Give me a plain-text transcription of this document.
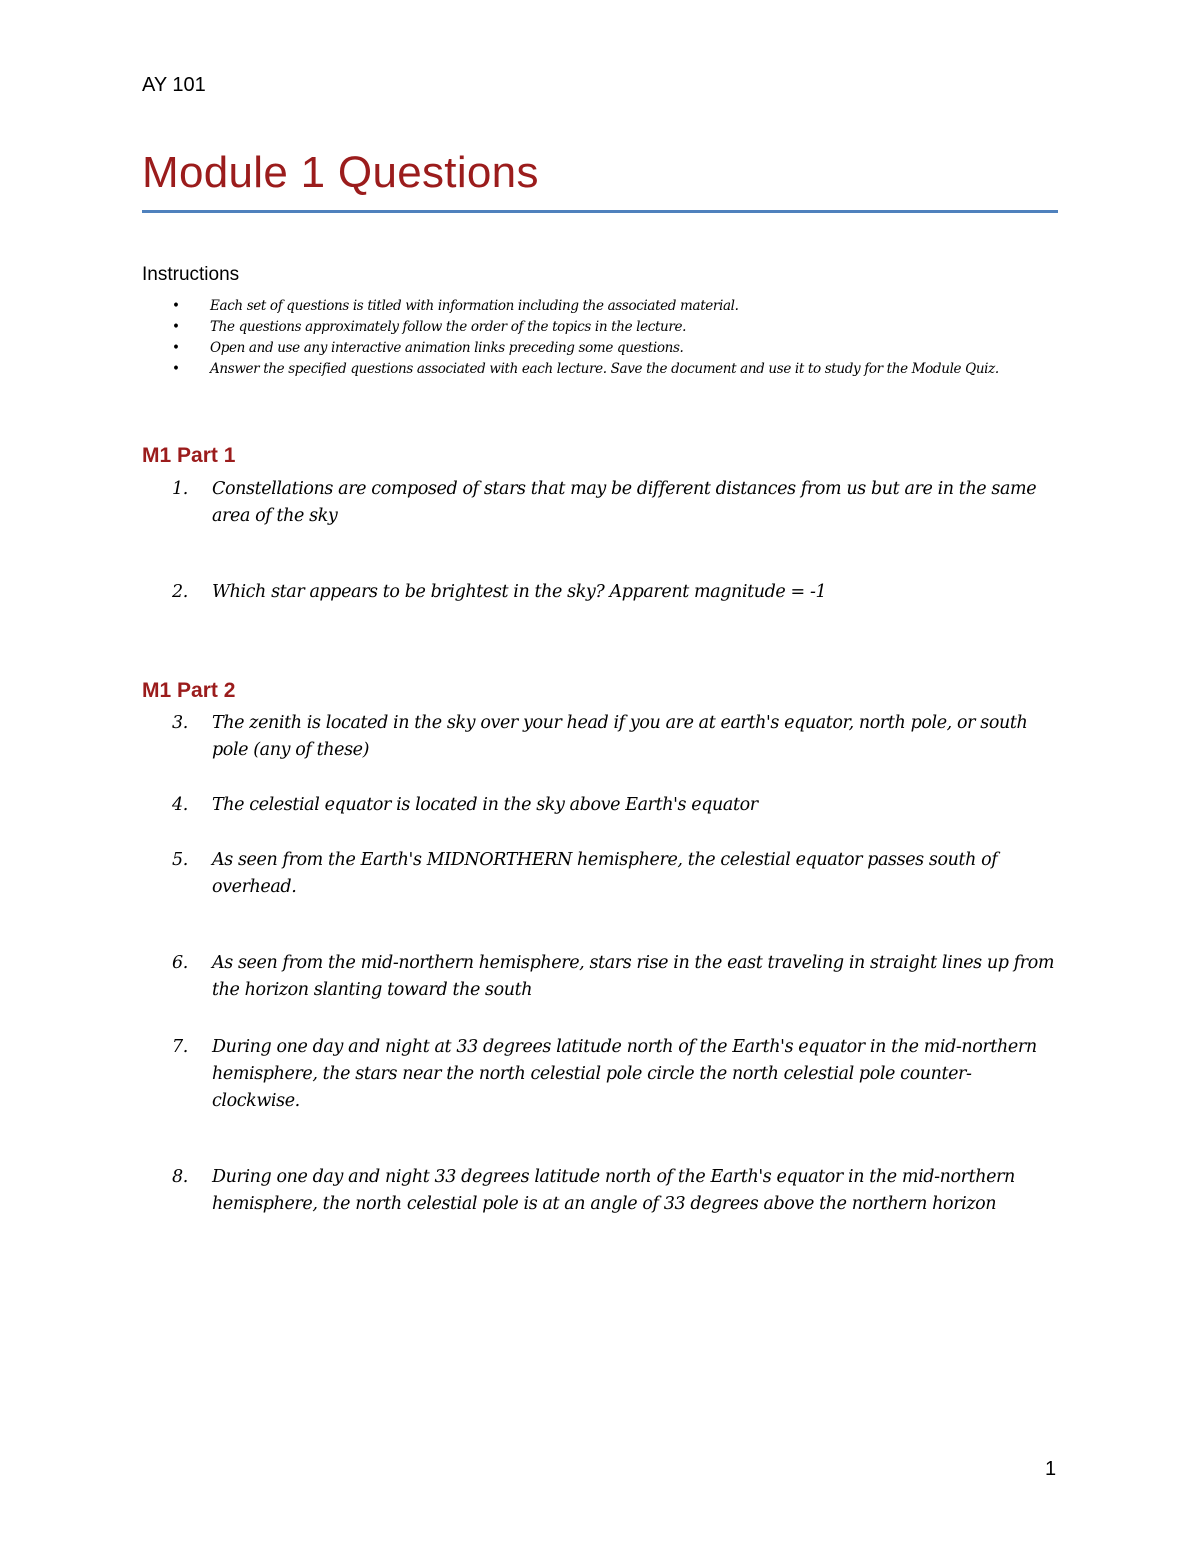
AY 101
Module 1 Questions
Instructions
• Each set of questions is titled with information including the associated material.
• The questions approximately follow the order of the topics in the lecture.
• Open and use any interactive animation links preceding some questions.
• Answer the specified questions associated with each lecture. Save the document and use it to study for the Module Quiz.
M1 Part 1
1. Constellations are composed of stars that may be different distances from us but are in the same area of the sky
2. Which star appears to be brightest in the sky? Apparent magnitude = -1
M1 Part 2
3. The zenith is located in the sky over your head if you are at earth's equator, north pole, or south pole (any of these)
4. The celestial equator is located in the sky above Earth's equator
5. As seen from the Earth's MIDNORTHERN hemisphere, the celestial equator passes south of overhead.
6. As seen from the mid-northern hemisphere, stars rise in the east traveling in straight lines up from the horizon slanting toward the south
7. During one day and night at 33 degrees latitude north of the Earth's equator in the mid-northern hemisphere, the stars near the north celestial pole circle the north celestial pole counter-clockwise.
8. During one day and night 33 degrees latitude north of the Earth's equator in the mid-northern hemisphere, the north celestial pole is at an angle of 33 degrees above the northern horizon
1
